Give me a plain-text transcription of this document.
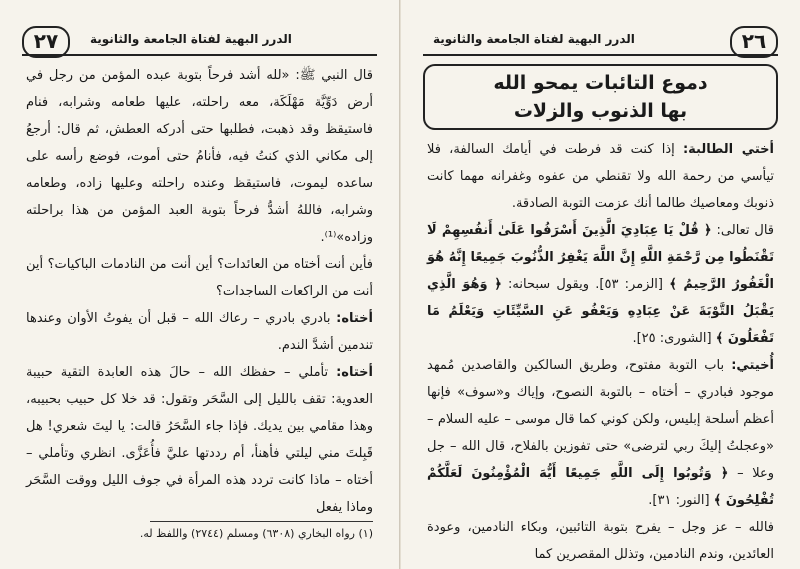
٢٧	الدرر البهية لفتاة الجامعة والثانوية

قال النبي ﷺ: «لله أشد فرحاً بتوبة عبده المؤمن من رجل في أرض دَوِّيَّة مَهْلَكَة، معه راحلته، عليها طعامه وشرابه، فنام فاستيقظ وقد ذهبت، فطلبها حتى أدركه العطش، ثم قال: أرجعُ إلى مكاني الذي كنتُ فيه، فأنامُ حتى أموت، فوضع رأسه على ساعده ليموت، فاستيقظ وعنده راحلته وعليها زاده، وطعامه وشرابه، فاللهُ أشدُّ فرحاً بتوبة العبد المؤمن من هذا براحلته وزاده»⁽¹⁾.

فأين أنت أختاه من العائدات؟ أين أنت من النادمات الباكيات؟ أين أنت من الراكعات الساجدات؟

أختاه: بادري بادري – رعاك الله – قبل أن يفوتُ الأوان وعندها تندمين أشدَّ الندم.

أختاه: تأملي – حفظك الله – حالَ هذه العابدة التقية حبيبة العدوية: تقف بالليل إلى السَّحَر وتقول: قد خلا كل حبيب بحبيبه، وهذا مقامي بين يديك. فإذا جاء السَّحَرُ قالت: يا ليتَ شعري! هل قَبِلتَ مني ليلتي فأهنأ، أم رددتها عليَّ فأُعَزَّى. انظري وتأملي – أختاه – ماذا كانت تردد هذه المرأة في جوف الليل ووقت السَّحَر وماذا يفعل

(١) رواه البخاري (٦٣٠٨) ومسلم (٢٧٤٤) واللفظ له.
٢٦
الدرر البهية لفتاة الجامعة والثانوية
دموع التائبات يمحو الله
بها الذنوب والزلات

أختي الطالبة: إذا كنت قد فرطت في أيامك السالفة، فلا تيأسي من رحمة الله ولا تقنطي من عفوه وغفرانه مهما كانت ذنوبك ومعاصيك طالما أنك عزمت التوبة الصادقة.

قال تعالى: ﴿ قُلْ يَا عِبَادِيَ الَّذِينَ أَسْرَفُوا عَلَىٰ أَنفُسِهِمْ لَا تَقْنَطُوا مِن رَّحْمَةِ اللَّهِ إِنَّ اللَّهَ يَغْفِرُ الذُّنُوبَ جَمِيعًا إِنَّهُ هُوَ الْغَفُورُ الرَّحِيمُ ﴾ [الزمر: ٥٣]. ويقول سبحانه: ﴿ وَهُوَ الَّذِي يَقْبَلُ التَّوْبَةَ عَنْ عِبَادِهِ وَيَعْفُو عَنِ السَّيِّئَاتِ وَيَعْلَمُ مَا تَفْعَلُونَ ﴾ [الشورى: ٢٥].

أُخيتي: باب التوبة مفتوح، وطريق السالكين والقاصدين مُمهد موجود فبادري – أختاه – بالتوبة النصوح، وإياك و«سوف» فإنها أعظم أسلحة إبليس، ولكن كوني كما قال موسى – عليه السلام – «وعجلتُ إليكَ ربي لترضى» حتى تفوزين بالفلاح، قال الله – جل وعلا – ﴿ وَتُوبُوا إِلَى اللَّهِ جَمِيعًا أَيُّهَ الْمُؤْمِنُونَ لَعَلَّكُمْ تُفْلِحُونَ ﴾ [النور: ٣١].

فالله – عز وجل – يفرح بتوبة التائبين، وبكاء النادمين، وعودة العائدين، وندم النادمين، وتذلل المقصرين كما
